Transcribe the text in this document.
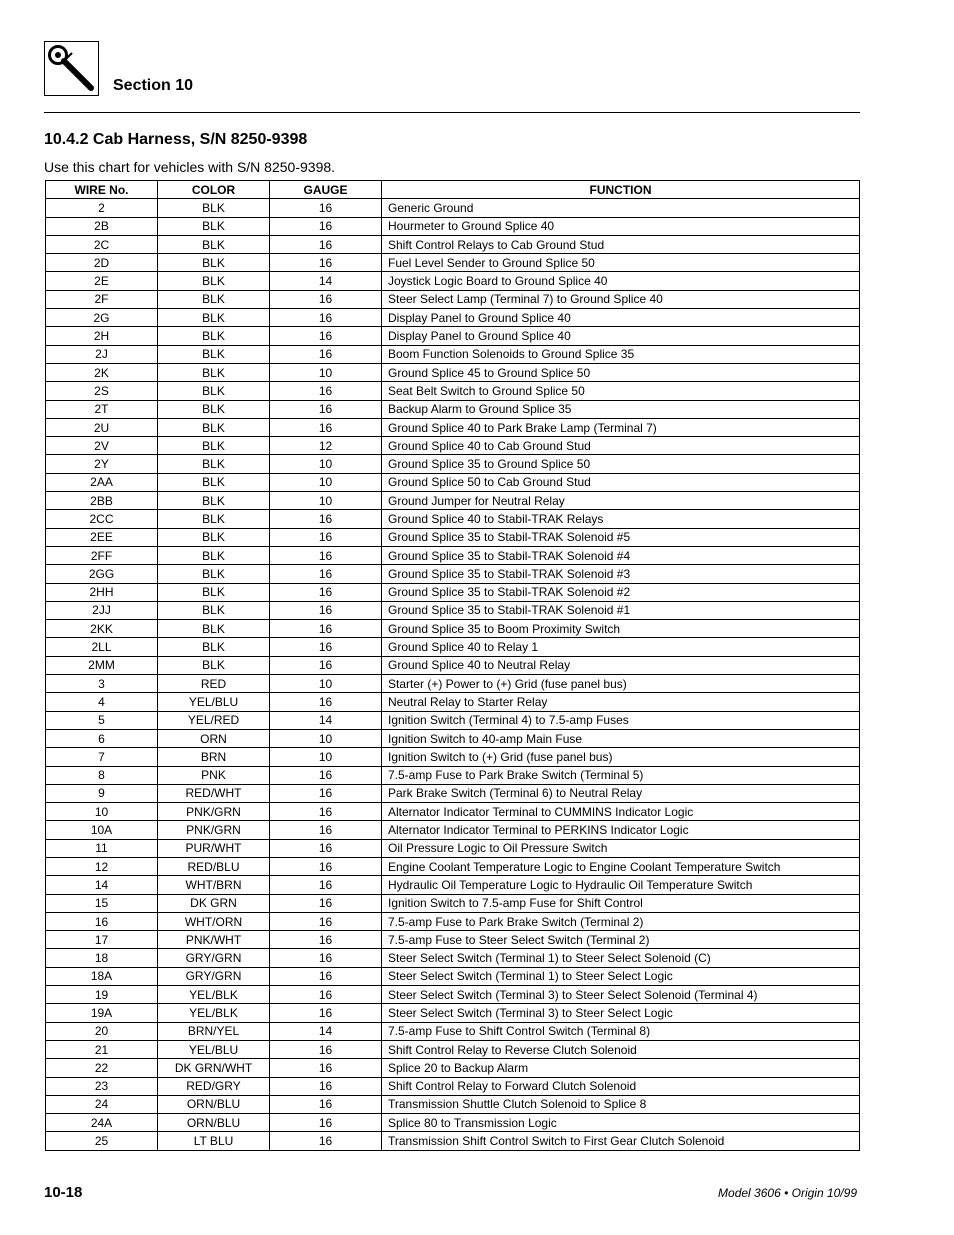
Section 10
10.4.2 Cab Harness, S/N 8250-9398
Use this chart for vehicles with S/N 8250-9398.
WIRE No.	COLOR	GAUGE	FUNCTION
2	BLK	16	Generic Ground
2B	BLK	16	Hourmeter to Ground Splice 40
2C	BLK	16	Shift Control Relays to Cab Ground Stud
2D	BLK	16	Fuel Level Sender to Ground Splice 50
2E	BLK	14	Joystick Logic Board to Ground Splice 40
2F	BLK	16	Steer Select Lamp (Terminal 7) to Ground Splice 40
2G	BLK	16	Display Panel to Ground Splice 40
2H	BLK	16	Display Panel to Ground Splice 40
2J	BLK	16	Boom Function Solenoids to Ground Splice 35
2K	BLK	10	Ground Splice 45 to Ground Splice 50
2S	BLK	16	Seat Belt Switch to Ground Splice 50
2T	BLK	16	Backup Alarm to Ground Splice 35
2U	BLK	16	Ground Splice 40 to Park Brake Lamp (Terminal 7)
2V	BLK	12	Ground Splice 40 to Cab Ground Stud
2Y	BLK	10	Ground Splice 35 to Ground Splice 50
2AA	BLK	10	Ground Splice 50 to Cab Ground Stud
2BB	BLK	10	Ground Jumper for Neutral Relay
2CC	BLK	16	Ground Splice 40 to Stabil-TRAK Relays
2EE	BLK	16	Ground Splice 35 to Stabil-TRAK Solenoid #5
2FF	BLK	16	Ground Splice 35 to Stabil-TRAK Solenoid #4
2GG	BLK	16	Ground Splice 35 to Stabil-TRAK Solenoid #3
2HH	BLK	16	Ground Splice 35 to Stabil-TRAK Solenoid #2
2JJ	BLK	16	Ground Splice 35 to Stabil-TRAK Solenoid #1
2KK	BLK	16	Ground Splice 35 to Boom Proximity Switch
2LL	BLK	16	Ground Splice 40 to Relay 1
2MM	BLK	16	Ground Splice 40 to Neutral Relay
3	RED	10	Starter (+) Power to (+) Grid (fuse panel bus)
4	YEL/BLU	16	Neutral Relay to Starter Relay
5	YEL/RED	14	Ignition Switch (Terminal 4) to 7.5-amp Fuses
6	ORN	10	Ignition Switch to 40-amp Main Fuse
7	BRN	10	Ignition Switch to (+) Grid (fuse panel bus)
8	PNK	16	7.5-amp Fuse to Park Brake Switch (Terminal 5)
9	RED/WHT	16	Park Brake Switch (Terminal 6) to Neutral Relay
10	PNK/GRN	16	Alternator Indicator Terminal to CUMMINS Indicator Logic
10A	PNK/GRN	16	Alternator Indicator Terminal to PERKINS Indicator Logic
11	PUR/WHT	16	Oil Pressure Logic to Oil Pressure Switch
12	RED/BLU	16	Engine Coolant Temperature Logic to Engine Coolant Temperature Switch
14	WHT/BRN	16	Hydraulic Oil Temperature Logic to Hydraulic Oil Temperature Switch
15	DK GRN	16	Ignition Switch to 7.5-amp Fuse for Shift Control
16	WHT/ORN	16	7.5-amp Fuse to Park Brake Switch (Terminal 2)
17	PNK/WHT	16	7.5-amp Fuse to Steer Select Switch (Terminal 2)
18	GRY/GRN	16	Steer Select Switch (Terminal 1) to Steer Select Solenoid (C)
18A	GRY/GRN	16	Steer Select Switch (Terminal 1) to Steer Select Logic
19	YEL/BLK	16	Steer Select Switch (Terminal 3) to Steer Select Solenoid (Terminal 4)
19A	YEL/BLK	16	Steer Select Switch (Terminal 3) to Steer Select Logic
20	BRN/YEL	14	7.5-amp Fuse to Shift Control Switch (Terminal 8)
21	YEL/BLU	16	Shift Control Relay to Reverse Clutch Solenoid
22	DK GRN/WHT	16	Splice 20 to Backup Alarm
23	RED/GRY	16	Shift Control Relay to Forward Clutch Solenoid
24	ORN/BLU	16	Transmission Shuttle Clutch Solenoid to Splice 8
24A	ORN/BLU	16	Splice 80 to Transmission Logic
25	LT BLU	16	Transmission Shift Control Switch to First Gear Clutch Solenoid
10-18	Model 3606 • Origin 10/99
